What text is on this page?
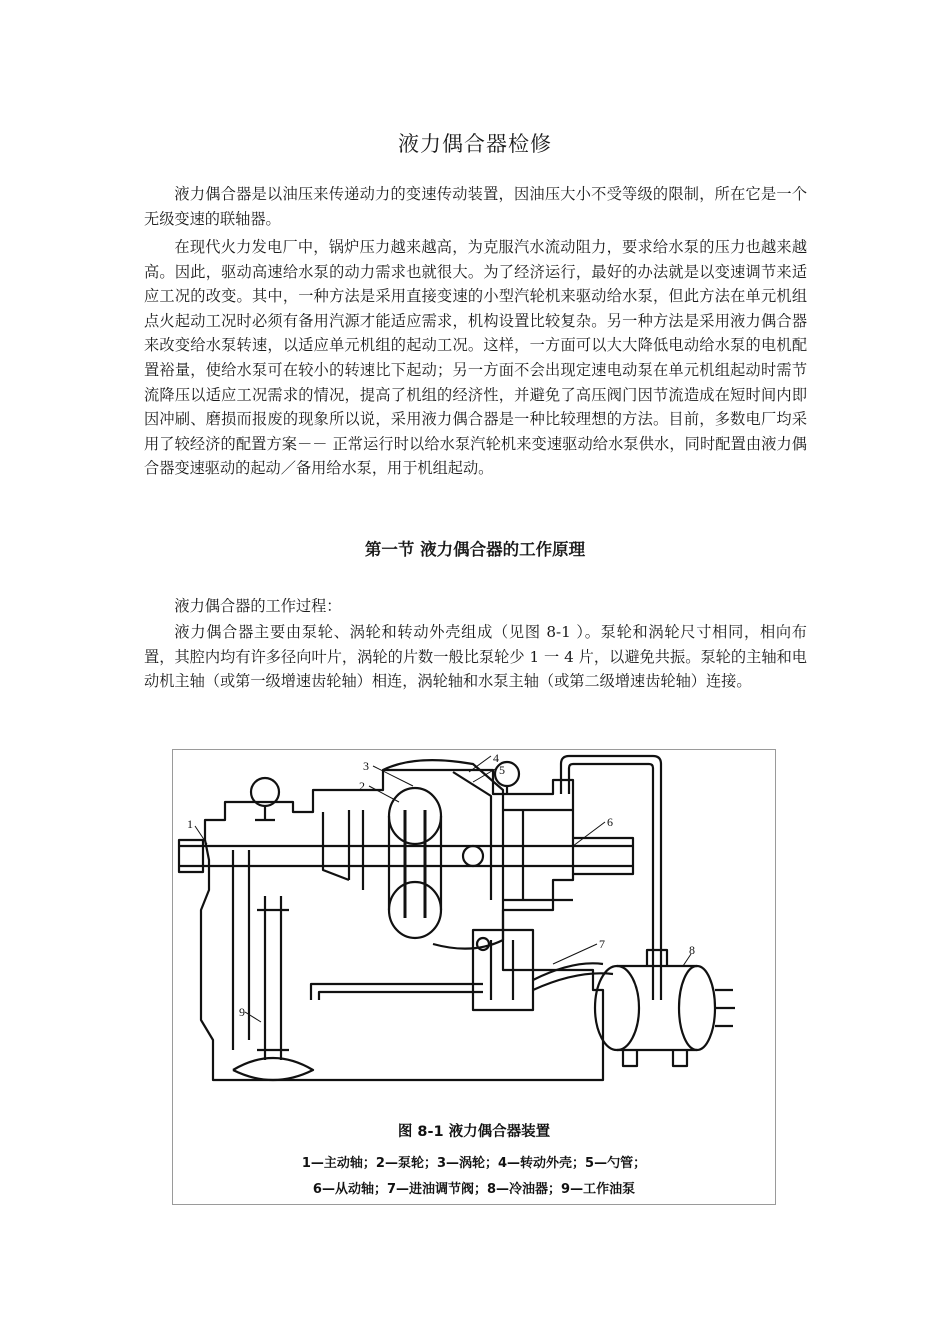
液力偶合器检修

液力偶合器是以油压来传递动力的变速传动装置，因油压大小不受等级的限制，所在它是一个无级变速的联轴器。

在现代火力发电厂中，锅炉压力越来越高，为克服汽水流动阻力，要求给水泵的压力也越来越高。因此，驱动高速给水泵的动力需求也就很大。为了经济运行，最好的办法就是以变速调节来适应工况的改变。其中，一种方法是采用直接变速的小型汽轮机来驱动给水泵，但此方法在单元机组点火起动工况时必须有备用汽源才能适应需求，机构设置比较复杂。另一种方法是采用液力偶合器来改变给水泵转速，以适应单元机组的起动工况。这样，一方面可以大大降低电动给水泵的电机配置裕量，使给水泵可在较小的转速比下起动；另一方面不会出现定速电动泵在单元机组起动时需节流降压以适应工况需求的情况，提高了机组的经济性，并避免了高压阀门因节流造成在短时间内即因冲刷、磨损而报废的现象所以说，采用液力偶合器是一种比较理想的方法。目前，多数电厂均采用了较经济的配置方案－－ 正常运行时以给水泵汽轮机来变速驱动给水泵供水，同时配置由液力偶合器变速驱动的起动／备用给水泵，用于机组起动。

第一节 液力偶合器的工作原理

液力偶合器的工作过程：

液力偶合器主要由泵轮、涡轮和转动外壳组成（见图 8-1 ）。泵轮和涡轮尺寸相同，相向布置，其腔内均有许多径向叶片，涡轮的片数一般比泵轮少 1 一 4 片，以避免共振。泵轮的主轴和电动机主轴（或第一级增速齿轮轴）相连，涡轮轴和水泵主轴（或第二级增速齿轮轴）连接。

1
2
3
4
5
6
7	8
9
图 8-1 液力偶合器装置
1—主动轴；2—泵轮；3—涡轮；4—转动外壳；5—勺管；
6—从动轴；7—进油调节阀；8—冷油器；9—工作油泵
